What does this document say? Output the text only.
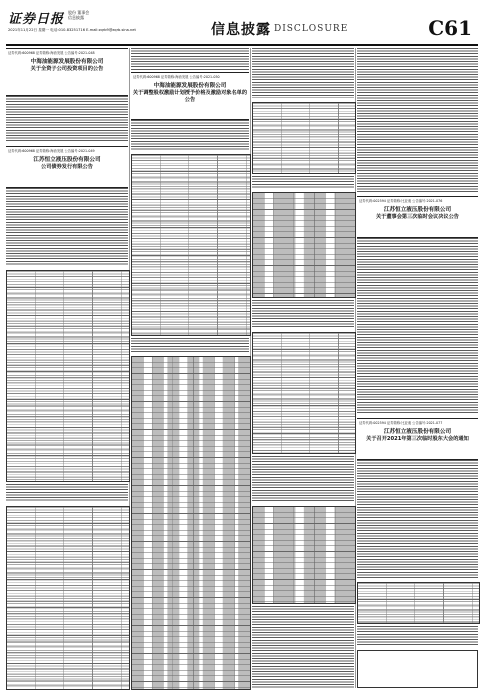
证券日报 股份 董事会
信息披露
2021年11月22日 星期一 电话:010-83251716 E-mail:zqrb9@zqrb.sina.net	信息披露 DISCLOSURE	C61
证券代码:600968 证券简称:海油发展 公告编号:2021-048
中海油能源发展股份有限公司
关于全资子公司投资项目的公告
证券代码:600968 证券简称:海油发展 公告编号:2021-049
江苏恒立液压股份有限公司
公司债券发行有限公告
证券代码:600968 证券简称:海油发展 公告编号:2021-050
中海油能源发展股份有限公司
关于调整股权激励计划授予价格及激励对象名单的公告
证券代码:002594 证券简称:比亚迪 公告编号:2021-076
江苏恒立液压股份有限公司
关于董事会第三次临时会议决议公告
证券代码:002594 证券简称:比亚迪 公告编号:2021-077
江苏恒立液压股份有限公司
关于召开2021年第三次临时股东大会的通知
